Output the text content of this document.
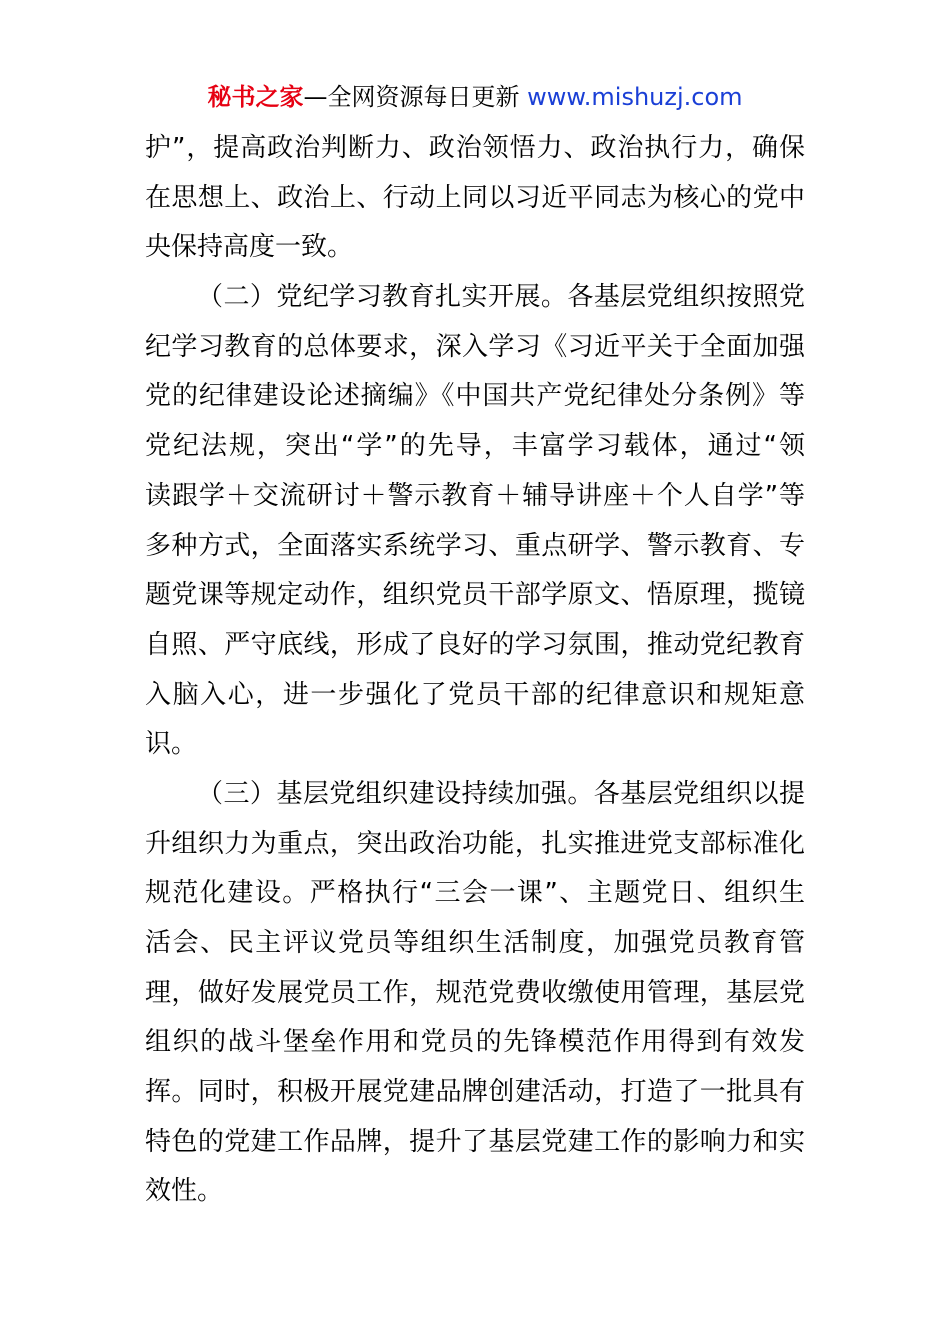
秘书之家—全网资源每日更新 www.mishuzj.com
护”，提高政治判断力、政治领悟力、政治执行力，确保
在思想上、政治上、行动上同以习近平同志为核心的党中
央保持高度一致。
（二）党纪学习教育扎实开展。各基层党组织按照党
纪学习教育的总体要求，深入学习《习近平关于全面加强
党的纪律建设论述摘编》《中国共产党纪律处分条例》等
党纪法规，突出“学”的先导，丰富学习载体，通过“领
读跟学＋交流研讨＋警示教育＋辅导讲座＋个人自学”等
多种方式，全面落实系统学习、重点研学、警示教育、专
题党课等规定动作，组织党员干部学原文、悟原理，揽镜
自照、严守底线，形成了良好的学习氛围，推动党纪教育
入脑入心，进一步强化了党员干部的纪律意识和规矩意
识。
（三）基层党组织建设持续加强。各基层党组织以提
升组织力为重点，突出政治功能，扎实推进党支部标准化
规范化建设。严格执行“三会一课”、主题党日、组织生
活会、民主评议党员等组织生活制度，加强党员教育管
理，做好发展党员工作，规范党费收缴使用管理，基层党
组织的战斗堡垒作用和党员的先锋模范作用得到有效发
挥。同时，积极开展党建品牌创建活动，打造了一批具有
特色的党建工作品牌，提升了基层党建工作的影响力和实
效性。
